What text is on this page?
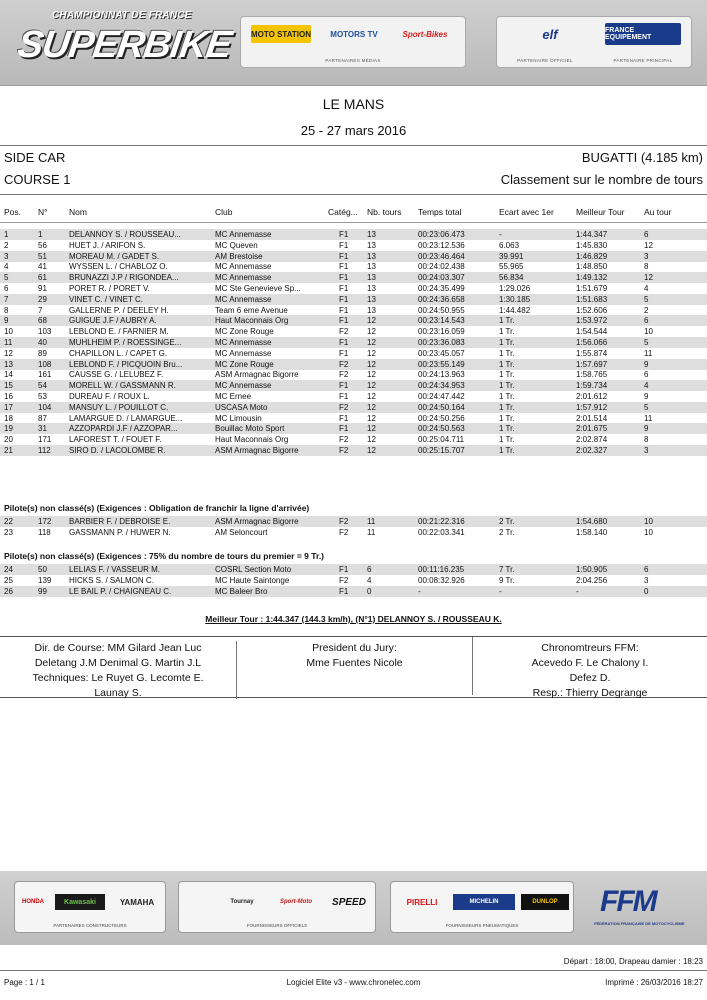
CHAMPIONNAT DE FRANCE
SUPERBIKE MOTO STATION	MOTORS TV	Sport-Bikes
PARTENAIRES MÉDIAS
elf	FRANCE EQUIPEMENT
PARTENAIRE OFFICIEL	PARTENAIRE PRINCIPAL
LE MANS
25 - 27 mars 2016
SIDE CAR	BUGATTI (4.185 km)
COURSE 1	Classement sur le nombre de tours
Pos.	N°	Nom	Club	Catég...	Nb. tours	Temps total	Ecart avec 1er	Meilleur Tour	Au tour
1	1	DELANNOY S. / ROUSSEAU...	MC Annemasse	F1	13	00:23:06.473	-	1:44.347	6
2	56	HUET J. / ARIFON S.	MC Queven	F1	13	00:23:12.536	6.063	1:45.830	12
3	51	MOREAU M. / GADET S.	AM Brestoise	F1	13	00:23:46.464	39.991	1:46.829	3
4	41	WYSSEN L. / CHABLOZ O.	MC Annemasse	F1	13	00:24:02.438	55.965	1:48.850	8
5	61	BRUNAZZI J.P / RIGONDEA...	MC Annemasse	F1	13	00:24:03.307	56.834	1:49.132	12
6	91	PORET R. / PORET V.	MC Ste Genevieve Sp...	F1	13	00:24:35.499	1:29.026	1:51.679	4
7	29	VINET C. / VINET C.	MC Annemasse	F1	13	00:24:36.658	1:30.185	1:51.683	5
8	7	GALLERNE P. / DEELEY H.	Team 6 eme Avenue	F1	13	00:24:50.955	1:44.482	1:52.606	2
9	68	GUIGUE J.F / AUBRY A.	Haut Maconnais Org	F1	12	00:23:14.543	1 Tr.	1:53.972	6
10	103	LEBLOND E. / FARNIER M.	MC Zone Rouge	F2	12	00:23:16.059	1 Tr.	1:54.544	10
11	40	MUHLHEIM P. / ROESSINGE...	MC Annemasse	F1	12	00:23:36.083	1 Tr.	1:56.066	5
12	89	CHAPILLON L. / CAPET G.	MC Annemasse	F1	12	00:23:45.057	1 Tr.	1:55.874	11
13	108	LEBLOND F. / PICQUOIN Bru...	MC Zone Rouge	F2	12	00:23:55.149	1 Tr.	1:57.697	9
14	161	CAUSSE G. / LELUBEZ F.	ASM Armagnac Bigorre	F2	12	00:24:13.963	1 Tr.	1:58.765	6
15	54	MORELL W. / GASSMANN R.	MC Annemasse	F1	12	00:24:34.953	1 Tr.	1:59.734	4
16	53	DUREAU F. / ROUX L.	MC Ernee	F1	12	00:24:47.442	1 Tr.	2:01.612	9
17	104	MANSUY L. / POUILLOT C.	USCASA Moto	F2	12	00:24:50.164	1 Tr.	1:57.912	5
18	87	LAMARGUE D. / LAMARGUE...	MC Limousin	F1	12	00:24:50.256	1 Tr.	2:01.514	11
19	31	AZZOPARDI J.F / AZZOPAR...	Bouillac Moto Sport	F1	12	00:24:50.563	1 Tr.	2:01.675	9
20	171	LAFOREST T. / FOUET F.	Haut Maconnais Org	F2	12	00:25:04.711	1 Tr.	2:02.874	8
21	112	SIRO D. / LACOLOMBE R.	ASM Armagnac Bigorre	F2	12	00:25:15.707	1 Tr.	2:02.327	3
22	172	BARBIER F. / DEBROISE E.	ASM Armagnac Bigorre	F2	11	00:21:22.316	2 Tr.	1:54.680	10
23	118	GASSMANN P. / HUWER N.	AM Seloncourt	F2	11	00:22:03.341	2 Tr.	1:58.140	10
24	50	LELIAS F. / VASSEUR M.	COSRL Section Moto	F1	6	00:11:16.235	7 Tr.	1:50.905	6
25	139	HICKS S. / SALMON C.	MC Haute Saintonge	F2	4	00:08:32.926	9 Tr.	2:04.256	3
26	99	LE BAIL P. / CHAIGNEAU C.	MC Baleer Bro	F1	0	-	-	-	0
Pilote(s) non classé(s) (Exigences : Obligation de franchir la ligne d'arrivée)
Pilote(s) non classé(s) (Exigences : 75% du nombre de tours du premier = 9 Tr.)
Meilleur Tour : 1:44.347 (144.3 km/h), (N°1) DELANNOY S. / ROUSSEAU K.
Dir. de Course: MM Gilard Jean Luc
Deletang J.M Denimal G. Martin J.L
Techniques: Le Ruyet G. Lecomte E.
Launay S.
President du Jury:
Mme Fuentes Nicole
Chronomtreurs FFM:
Acevedo F. Le Chalony I.
Defez D.
Resp.: Thierry Degrange
HONDA	Kawasaki	YAMAHA
PARTENAIRES CONSTRUCTEURS
Tournay	Sport-Moto	SPEED
FOURNISSEURS OFFICIELS
PIRELLI	MICHELIN	DUNLOP
FOURNISSEURS PNEUMATIQUES
FFM
FÉDÉRATION FRANÇAISE DE MOTOCYCLISME
Départ : 18:00, Drapeau damier : 18:23
Logiciel Elite v3 - www.chronelec.com
Page : 1 / 1	Imprimé : 26/03/2016 18:27
